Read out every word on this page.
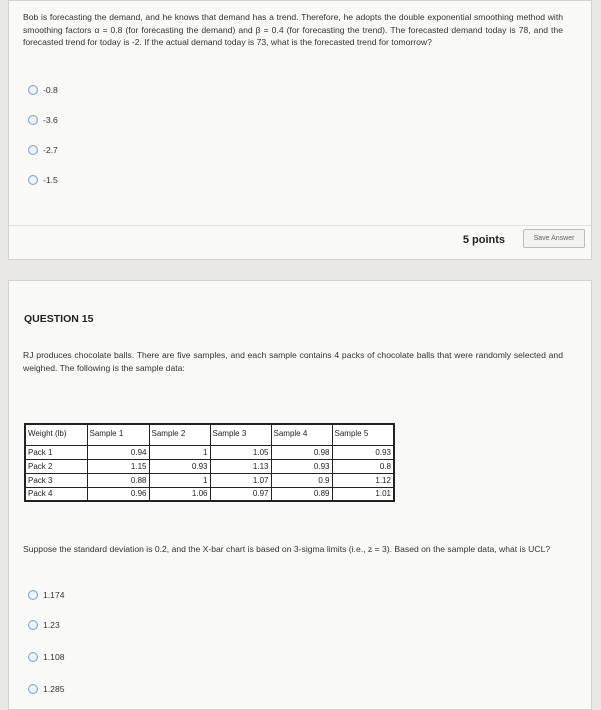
Bob is forecasting the demand, and he knows that demand has a trend. Therefore, he adopts the double exponential smoothing method with smoothing factors α = 0.8 (for forecasting the demand) and β = 0.4 (for forecasting the trend). The forecasted demand today is 78, and the forecasted trend for today is -2. If the actual demand today is 73, what is the forecasted trend for tomorrow?
-0.8
-3.6
-2.7
-1.5
5 points	Save Answer
QUESTION 15
RJ produces chocolate balls. There are five samples, and each sample contains 4 packs of chocolate balls that were randomly selected and weighed. The following is the sample data:
Weight (lb)	Sample 1	Sample 2	Sample 3	Sample 4	Sample 5
Pack 1	0.94	1	1.05	0.98	0.93
Pack 2	1.15	0.93	1.13	0.93	0.8
Pack 3	0.88	1	1.07	0.9	1.12
Pack 4	0.96	1.06	0.97	0.89	1.01
Suppose the standard deviation is 0.2, and the X-bar chart is based on 3-sigma limits (i.e., z = 3). Based on the sample data, what is UCL?
1.174
1.23
1.108
1.285
